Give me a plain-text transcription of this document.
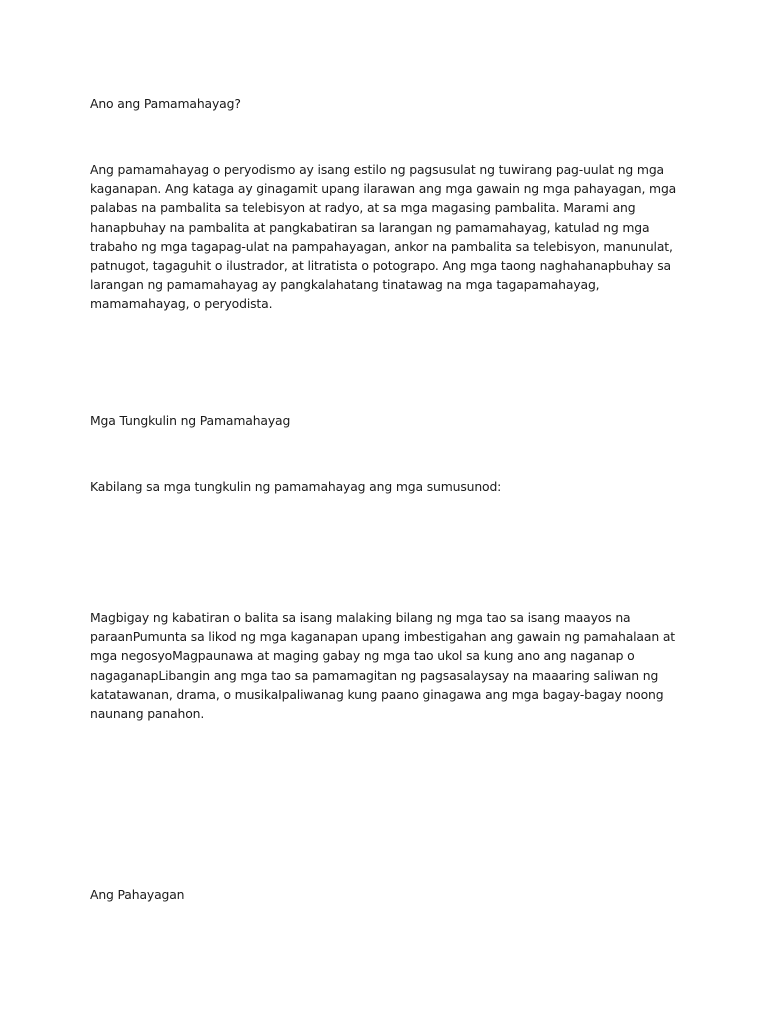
Ano ang Pamamahayag?

Ang pamamahayag o peryodismo ay isang estilo ng pagsusulat ng tuwirang pag-uulat ng mga kaganapan. Ang kataga ay ginagamit upang ilarawan ang mga gawain ng mga pahayagan, mga palabas na pambalita sa telebisyon at radyo, at sa mga magasing pambalita. Marami ang hanapbuhay na pambalita at pangkabatiran sa larangan ng pamamahayag, katulad ng mga trabaho ng mga tagapag-ulat na pampahayagan, ankor na pambalita sa telebisyon, manunulat, patnugot, tagaguhit o ilustrador, at litratista o potograpo. Ang mga taong naghahanapbuhay sa larangan ng pamamahayag ay pangkalahatang tinatawag na mga tagapamahayag, mamamahayag, o peryodista.

Mga Tungkulin ng Pamamahayag

Kabilang sa mga tungkulin ng pamamahayag ang mga sumusunod:

Magbigay ng kabatiran o balita sa isang malaking bilang ng mga tao sa isang maayos na paraanPumunta sa likod ng mga kaganapan upang imbestigahan ang gawain ng pamahalaan at mga negosyoMagpaunawa at maging gabay ng mga tao ukol sa kung ano ang naganap o nagaganapLibangin ang mga tao sa pamamagitan ng pagsasalaysay na maaaring saliwan ng katatawanan, drama, o musikaIpaliwanag kung paano ginagawa ang mga bagay-bagay noong naunang panahon.

Ang Pahayagan
